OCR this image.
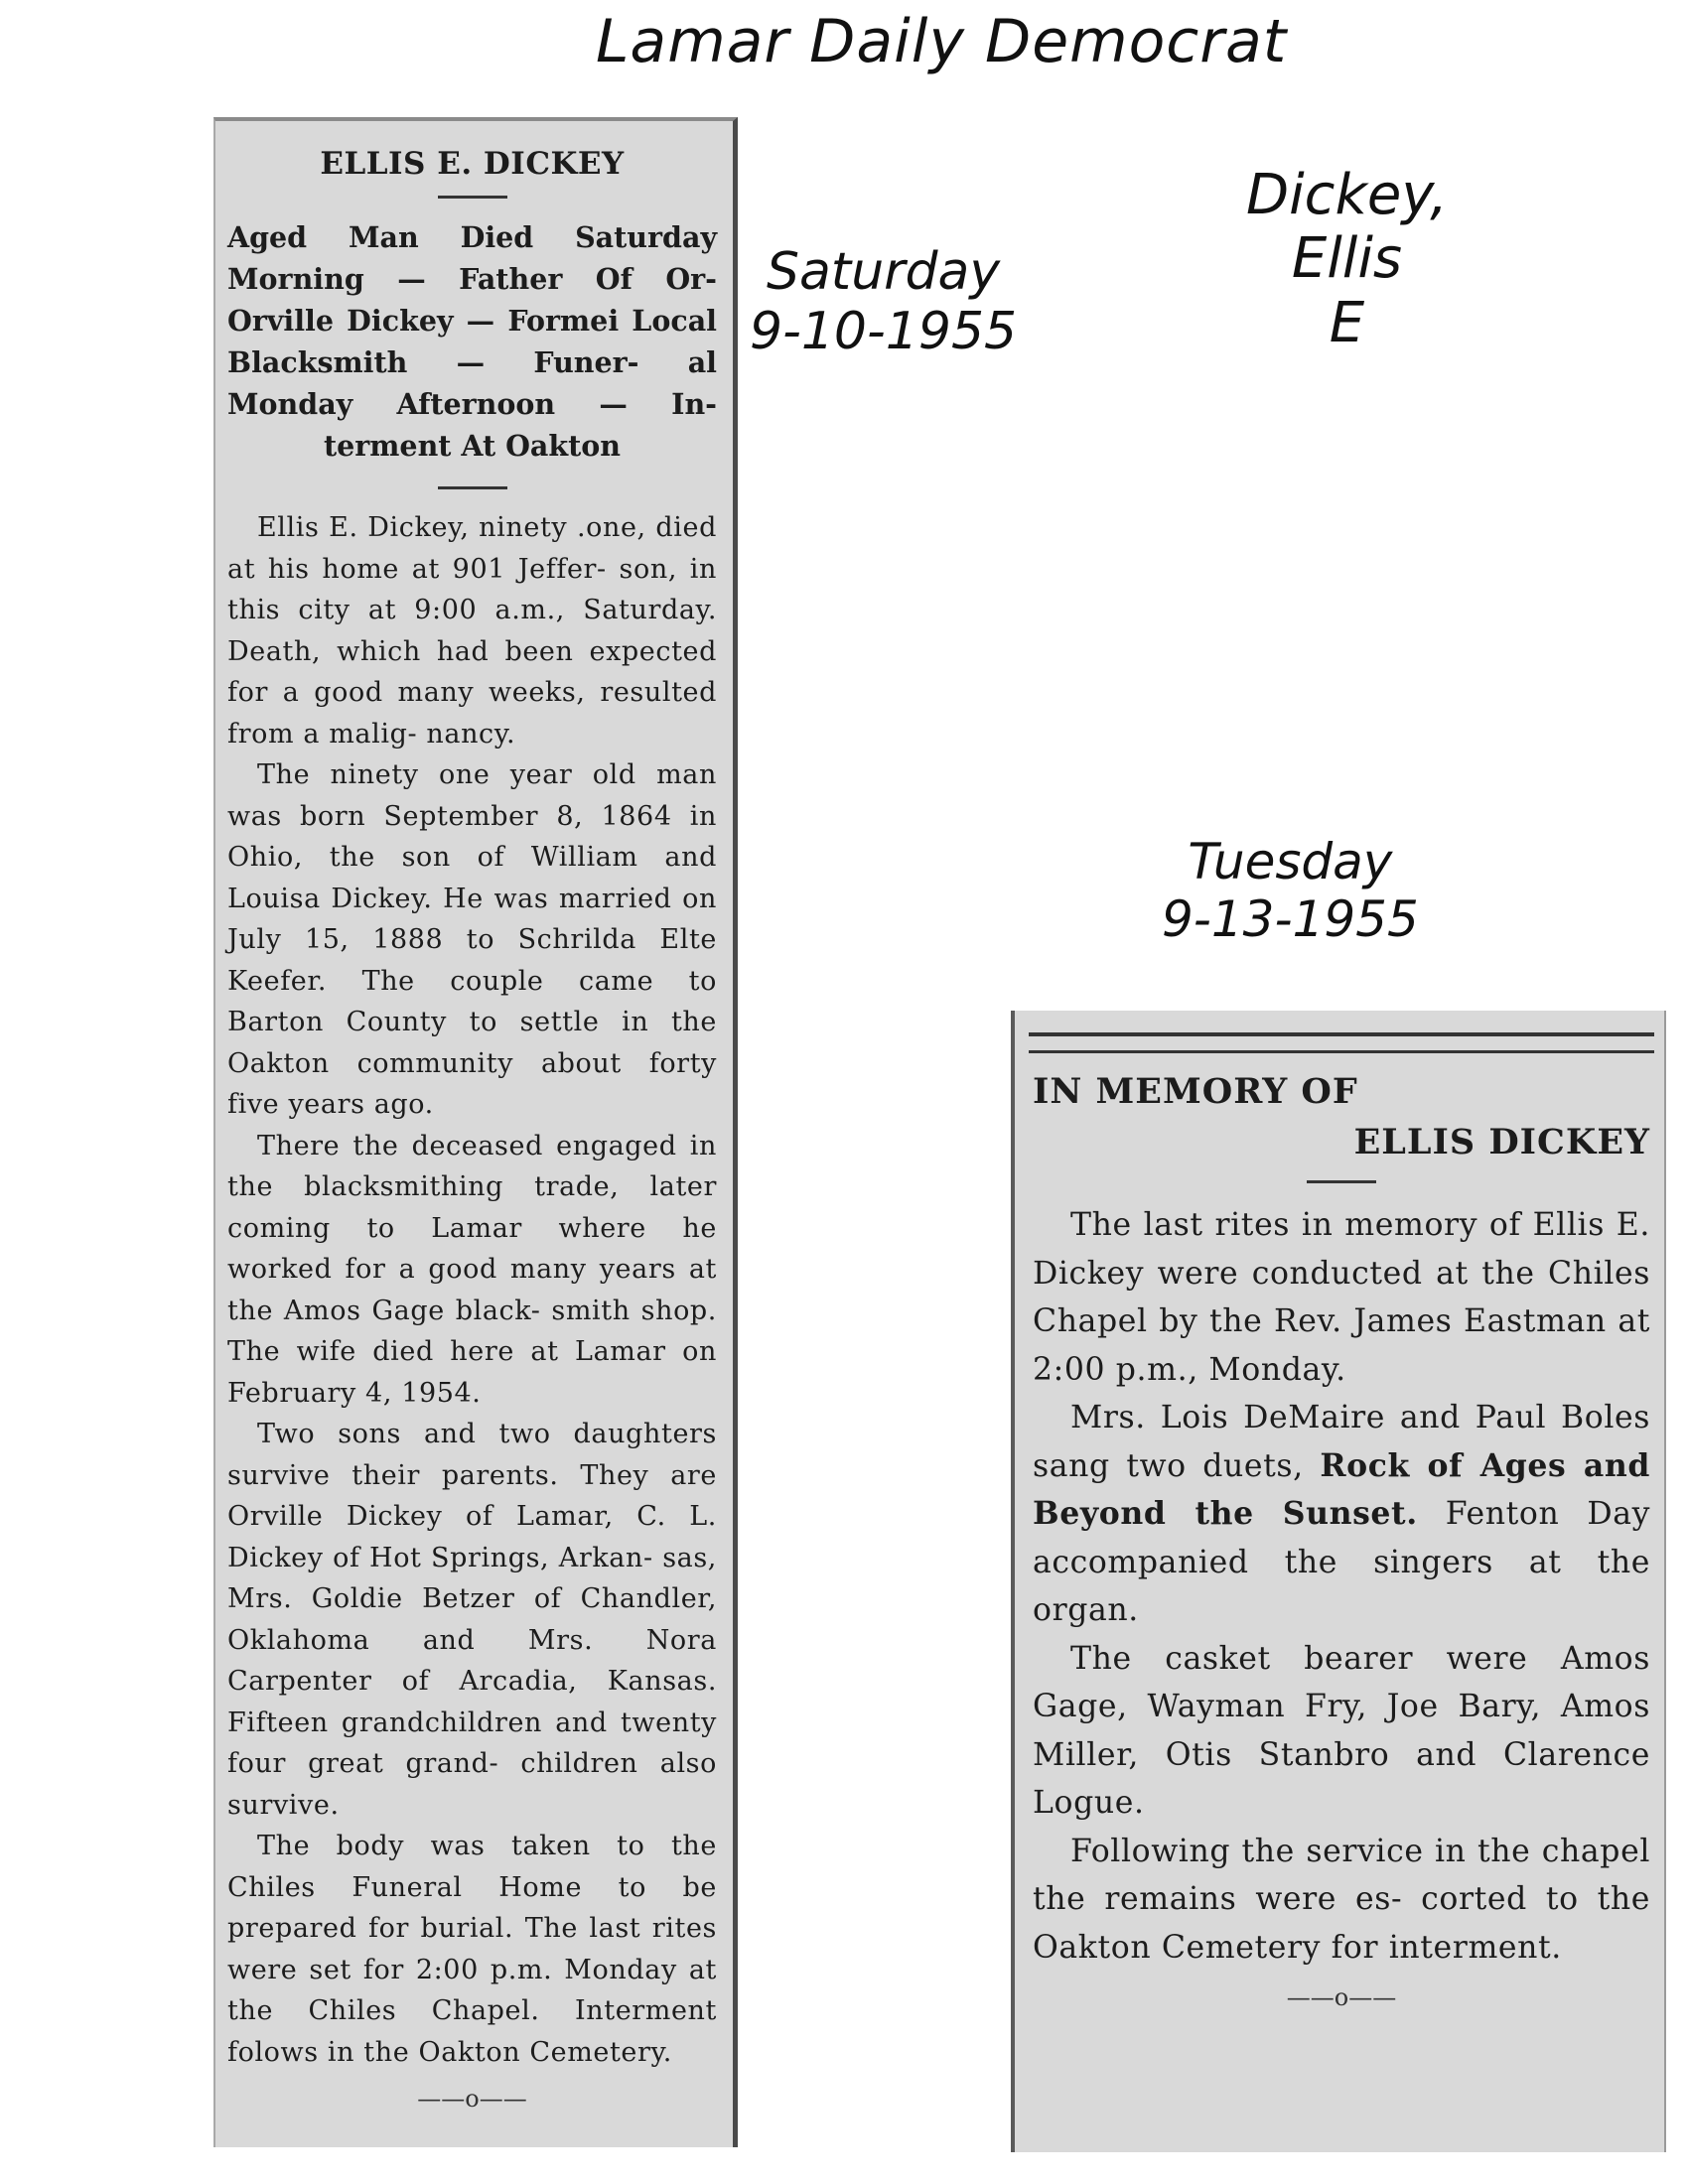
Lamar Daily Democrat
Saturday
9-10-1955
Dickey,
Ellis
E
Tuesday
9-13-1955
ELLIS E. DICKEY
Aged Man Died Saturday Morning — Father Of Or- Orville Dickey — Formei Local Blacksmith — Funer- al Monday Afternoon — In- terment At Oakton

Ellis E. Dickey, ninety .one, died at his home at 901 Jeffer- son, in this city at 9:00 a.m., Saturday. Death, which had been expected for a good many weeks, resulted from a malig- nancy.

The ninety one year old man was born September 8, 1864 in Ohio, the son of William and Louisa Dickey. He was married on July 15, 1888 to Schrilda Elte Keefer. The couple came to Barton County to settle in the Oakton community about forty five years ago.

There the deceased engaged in the blacksmithing trade, later coming to Lamar where he worked for a good many years at the Amos Gage black- smith shop. The wife died here at Lamar on February 4, 1954.

Two sons and two daughters survive their parents. They are Orville Dickey of Lamar, C. L. Dickey of Hot Springs, Arkan- sas, Mrs. Goldie Betzer of Chandler, Oklahoma and Mrs. Nora Carpenter of Arcadia, Kansas. Fifteen grandchildren and twenty four great grand- children also survive.

The body was taken to the Chiles Funeral Home to be prepared for burial. The last rites were set for 2:00 p.m. Monday at the Chiles Chapel. Interment folows in the Oakton Cemetery.

——o——
IN MEMORY OF
ELLIS DICKEY

The last rites in memory of Ellis E. Dickey were conducted at the Chiles Chapel by the Rev. James Eastman at 2:00 p.m., Monday.

Mrs. Lois DeMaire and Paul Boles sang two duets, Rock of Ages and Beyond the Sunset. Fenton Day accompanied the singers at the organ.

The casket bearer were Amos Gage, Wayman Fry, Joe Bary, Amos Miller, Otis Stanbro and Clarence Logue.

Following the service in the chapel the remains were es- corted to the Oakton Cemetery for interment.

——o——
